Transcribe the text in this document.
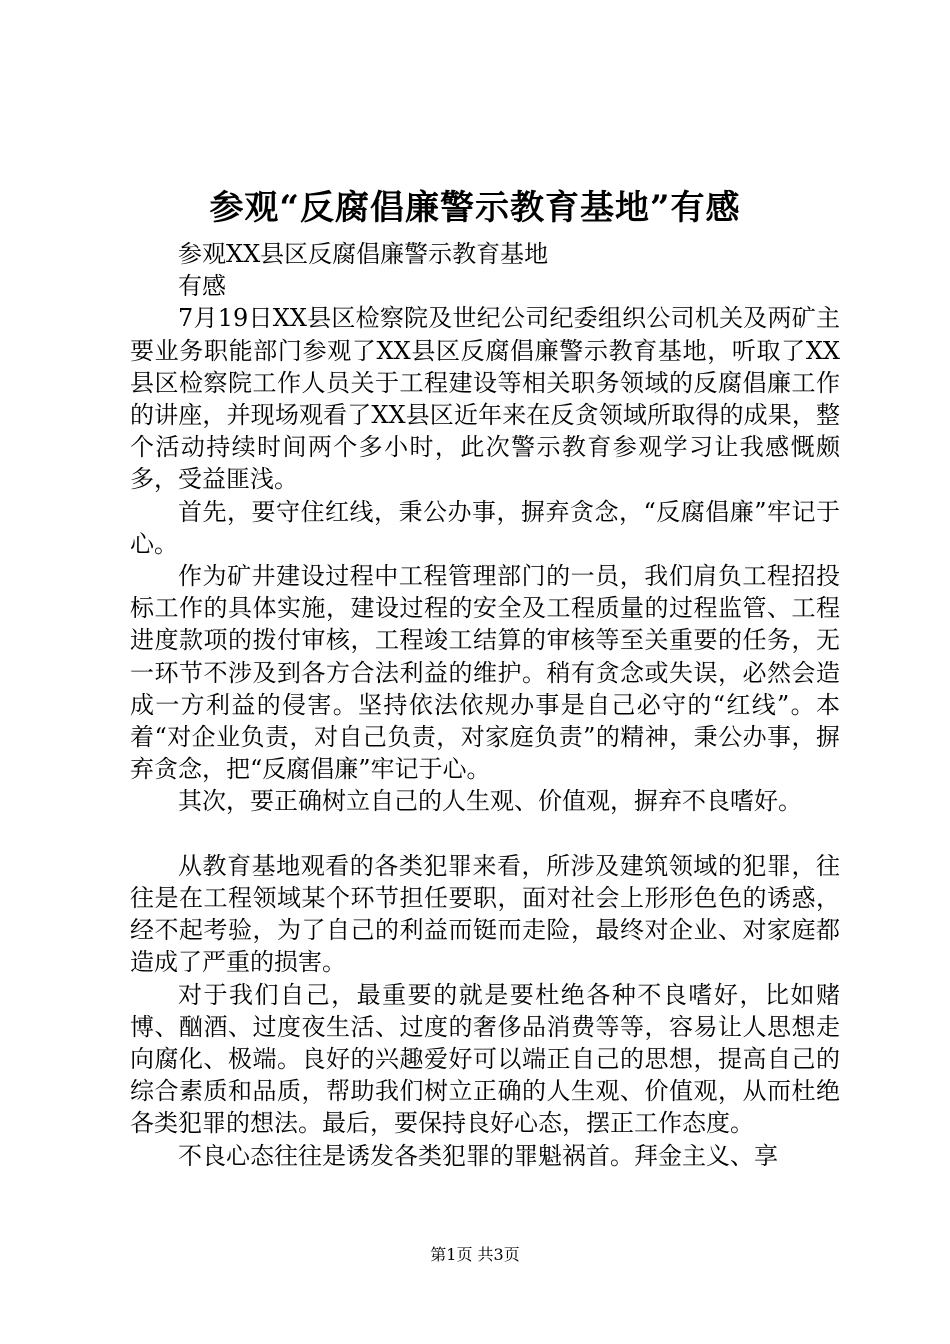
参观“反腐倡廉警示教育基地”有感
参观XX县区反腐倡廉警示教育基地
有感

7月19日XX县区检察院及世纪公司纪委组织公司机关及两矿主要业务职能部门参观了XX县区反腐倡廉警示教育基地，听取了XX县区检察院工作人员关于工程建设等相关职务领域的反腐倡廉工作的讲座，并现场观看了XX县区近年来在反贪领域所取得的成果，整个活动持续时间两个多小时，此次警示教育参观学习让我感慨颇多，受益匪浅。

首先，要守住红线，秉公办事，摒弃贪念，“反腐倡廉”牢记于心。

作为矿井建设过程中工程管理部门的一员，我们肩负工程招投标工作的具体实施，建设过程的安全及工程质量的过程监管、工程进度款项的拨付审核，工程竣工结算的审核等至关重要的任务，无一环节不涉及到各方合法利益的维护。稍有贪念或失误，必然会造成一方利益的侵害。坚持依法依规办事是自己必守的“红线”。本着“对企业负责，对自己负责，对家庭负责”的精神，秉公办事，摒弃贪念，把“反腐倡廉”牢记于心。

其次，要正确树立自己的人生观、价值观，摒弃不良嗜好。

从教育基地观看的各类犯罪来看，所涉及建筑领域的犯罪，往往是在工程领域某个环节担任要职，面对社会上形形色色的诱惑，经不起考验，为了自己的利益而铤而走险，最终对企业、对家庭都造成了严重的损害。

对于我们自己，最重要的就是要杜绝各种不良嗜好，比如赌博、酗酒、过度夜生活、过度的奢侈品消费等等，容易让人思想走向腐化、极端。良好的兴趣爱好可以端正自己的思想，提高自己的综合素质和品质，帮助我们树立正确的人生观、价值观，从而杜绝各类犯罪的想法。最后，要保持良好心态，摆正工作态度。

不良心态往往是诱发各类犯罪的罪魁祸首。拜金主义、享

第1页 共3页
